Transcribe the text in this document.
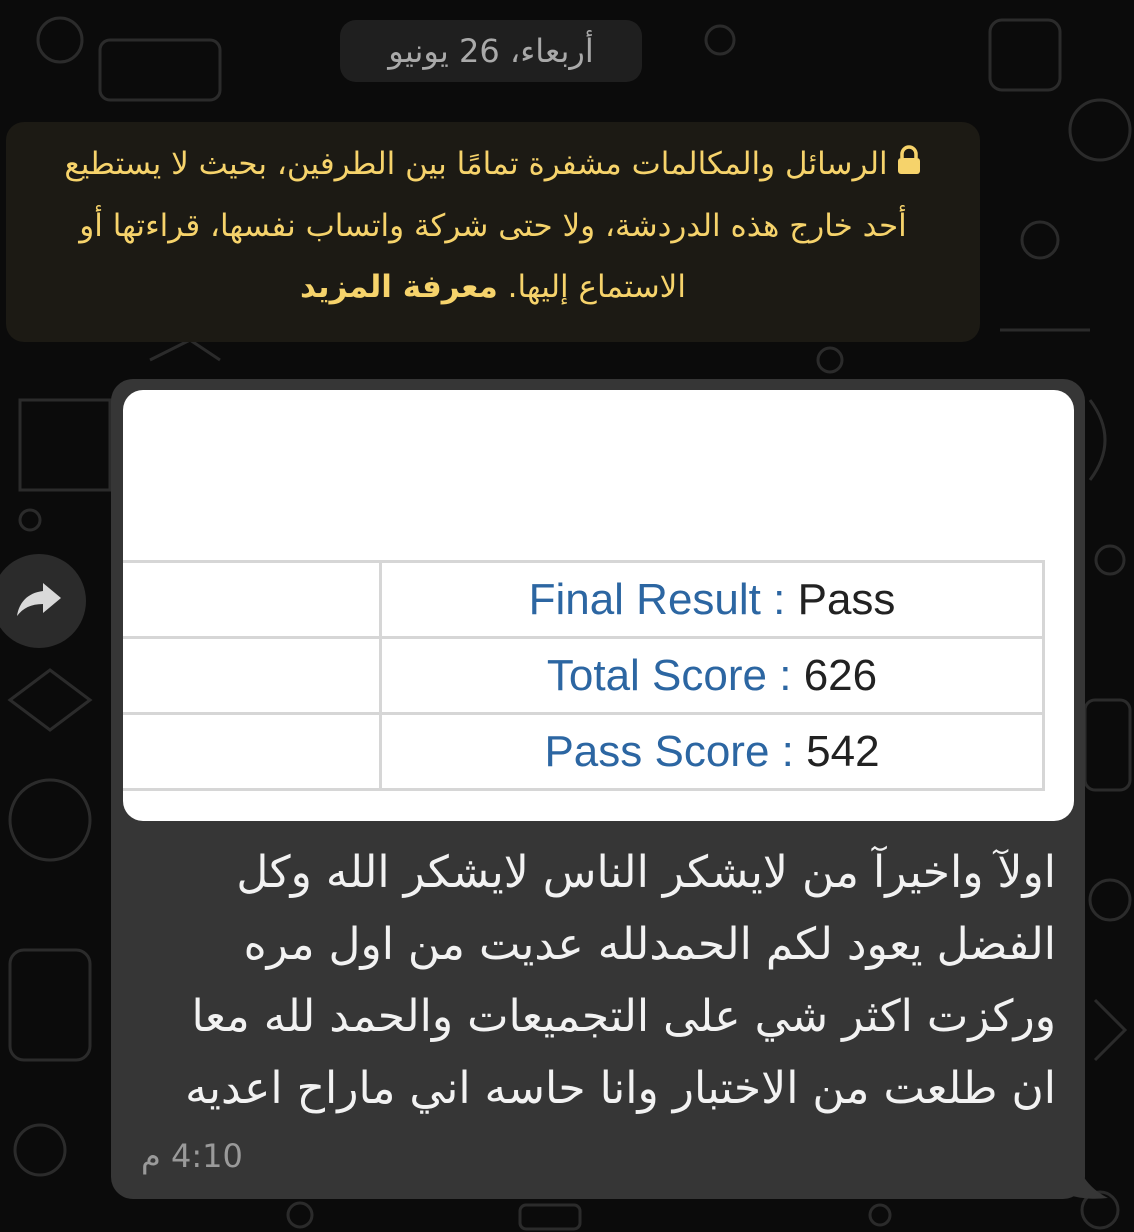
أربعاء، 26 يونيو
الرسائل والمكالمات مشفرة تمامًا بين الطرفين، بحيث لا يستطيع أحد خارج هذه الدردشة، ولا حتى شركة واتساب نفسها، قراءتها أو الاستماع إليها. معرفة المزيد
	Final Result : Pass
	Total Score : 626
	Pass Score : 542
اولآ واخيرآ من لايشكر الناس لايشكر الله وكل الفضل يعود لكم الحمدلله عديت من اول مره وركزت اكثر شي على التجميعات والحمد لله معا ان طلعت من الاختبار وانا حاسه اني ماراح اعديه
4:10 م
